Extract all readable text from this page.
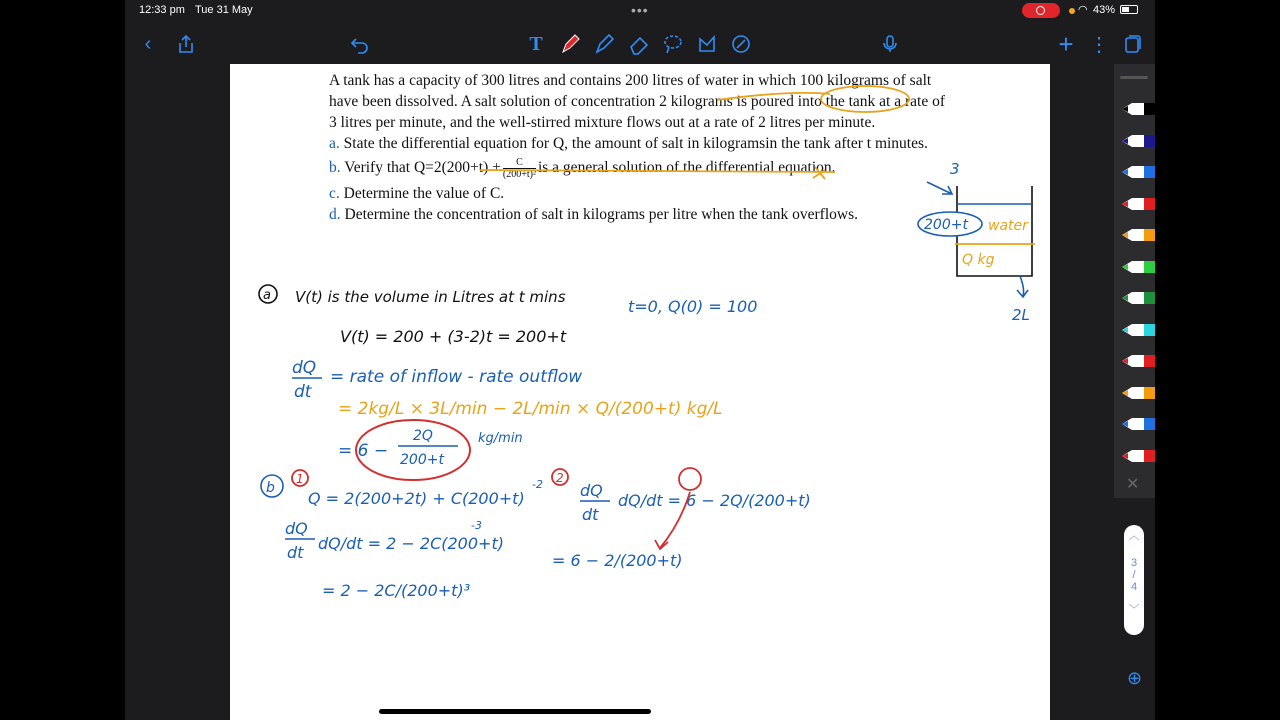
12:33 pm Tue 31 May	•••	◠ 43%
‹	T	+ ⋮

A tank has a capacity of 300 litres and contains 200 litres of water in which 100 kilograms of salt have been dissolved. A salt solution of concentration 2 kilograms is poured into the tank at a rate of 3 litres per minute, and the well-stirred mixture flows out at a rate of 2 litres per minute.

a. State the differential equation for Q, the amount of salt in kilogramsin the tank after t minutes.

b. Verify that $Q=2(200+t) + \frac{C}{\text{(200+t)²}}$ is a general solution of the differential equation.

c. Determine the value of C.

d. Determine the concentration of salt in kilograms per litre when the tank overflows.

3
200+t water
Q kg
2L
a V(t) is the volume in Litres at t mins
V(t) = 200 + (3-2)t = 200+t
t=0, Q(0) = 100
dQ
dt
= rate of inflow - rate outflow
= 2kg/L × 3L/min − 2L/min × Q/(200+t) kg/L
= 6 −
2Q
200+t
kg/min
b
1
Q = 2(200+2t) + C(200+t)
-2
dQ
dt dQ/dt = 2 − 2C(200+t)
-3
= 2 − 2C/(200+t)³
2
dQ
dt
dQ/dt = 6 − 2Q/(200+t)
= 6 − 2/(200+t)
✕
︿
3
/
4
﹀
⊕
